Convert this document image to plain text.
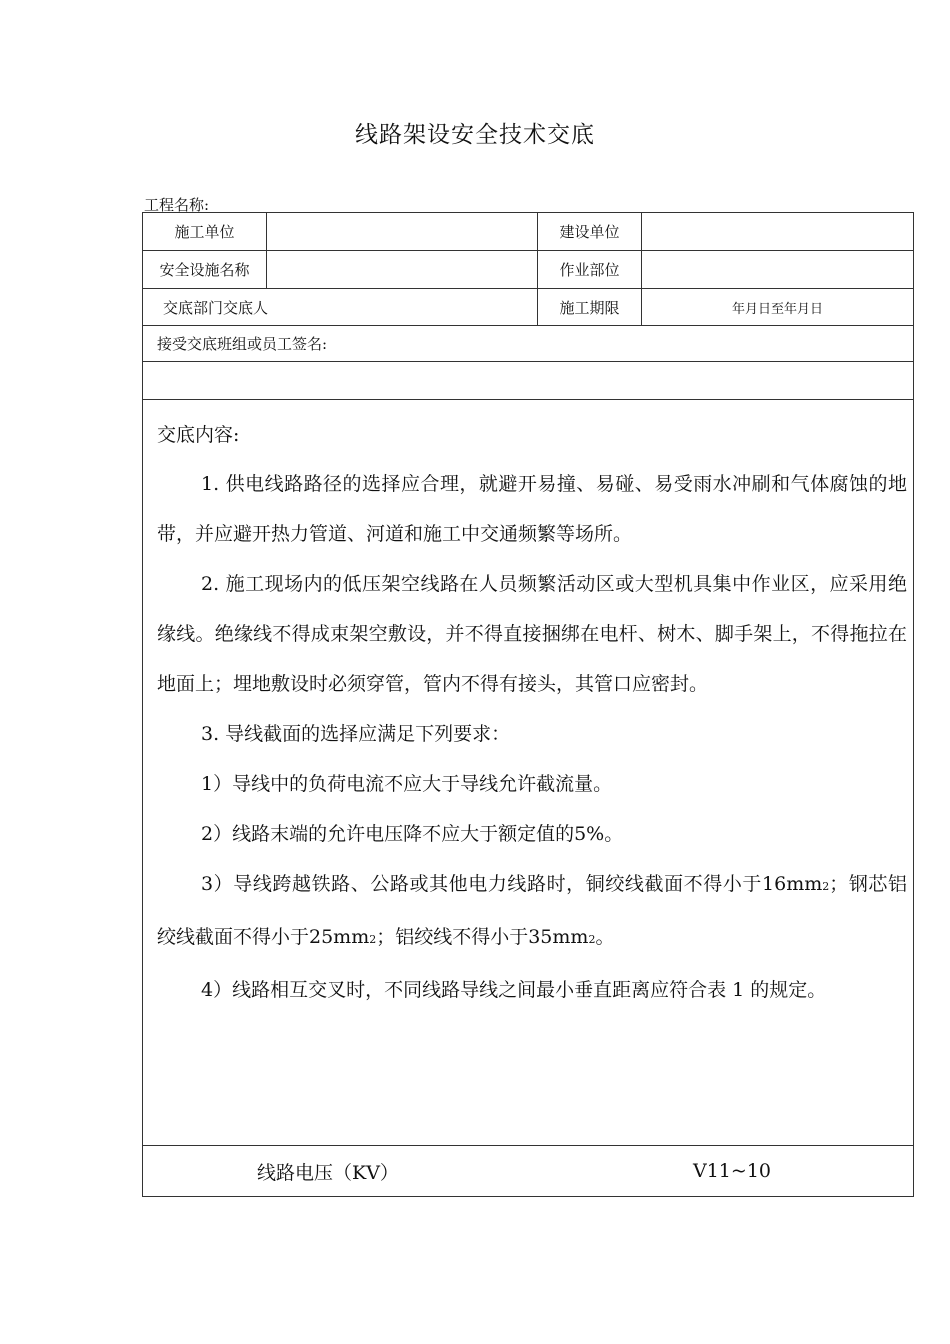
线路架设安全技术交底
工程名称:
施工单位	建设单位
安全设施名称	作业部位
交底部门交底人	施工期限	年月日至年月日
接受交底班组或员工签名:
交底内容:
1. 供电线路路径的选择应合理，就避开易撞、易碰、易受雨水冲刷和气体腐蚀的地带，并应避开热力管道、河道和施工中交通频繁等场所。
2. 施工现场内的低压架空线路在人员频繁活动区或大型机具集中作业区，应采用绝缘线。绝缘线不得成束架空敷设，并不得直接捆绑在电杆、树木、脚手架上，不得拖拉在地面上；埋地敷设时必须穿管，管内不得有接头，其管口应密封。
3. 导线截面的选择应满足下列要求：
1）导线中的负荷电流不应大于导线允许截流量。
2）线路末端的允许电压降不应大于额定值的5%。
3）导线跨越铁路、公路或其他电力线路时，铜绞线截面不得小于16mm2；钢芯铝绞线截面不得小于25mm2；铝绞线不得小于35mm2。
4）线路相互交叉时，不同线路导线之间最小垂直距离应符合表 1 的规定。
线路电压（KV）	V11~10
